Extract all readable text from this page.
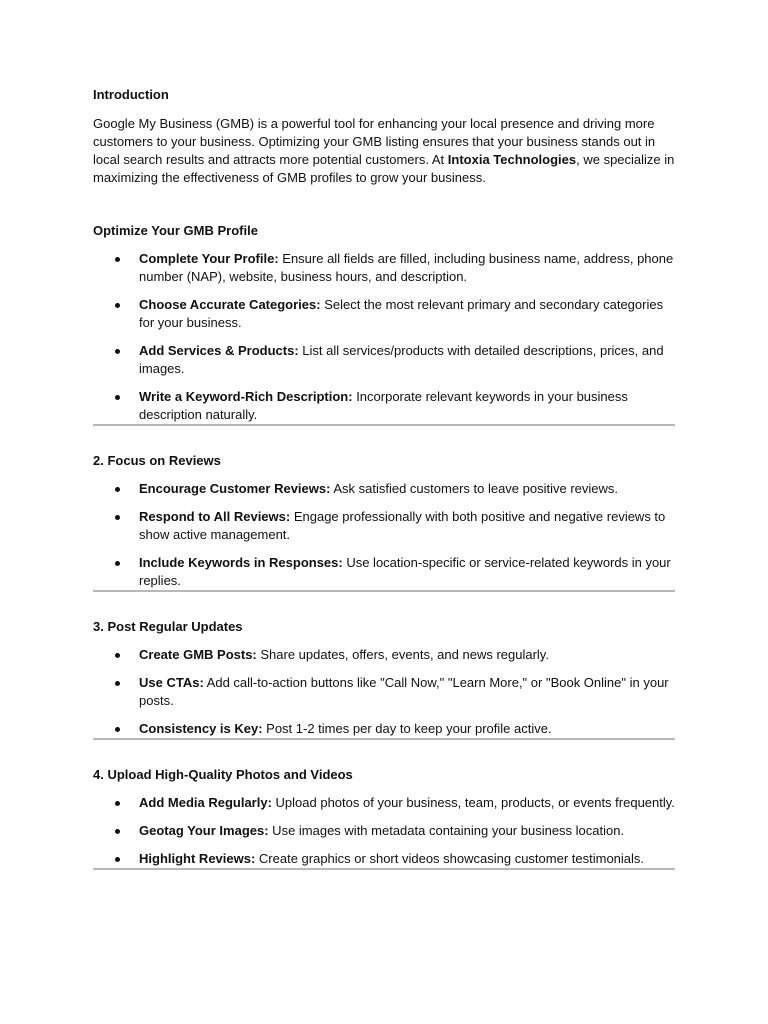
Introduction

Google My Business (GMB) is a powerful tool for enhancing your local presence and driving more customers to your business. Optimizing your GMB listing ensures that your business stands out in local search results and attracts more potential customers. At Intoxia Technologies, we specialize in maximizing the effectiveness of GMB profiles to grow your business.

Optimize Your GMB Profile

Complete Your Profile: Ensure all fields are filled, including business name, address, phone number (NAP), website, business hours, and description.
Choose Accurate Categories: Select the most relevant primary and secondary categories for your business.
Add Services & Products: List all services/products with detailed descriptions, prices, and images.
Write a Keyword-Rich Description: Incorporate relevant keywords in your business description naturally.

2. Focus on Reviews

Encourage Customer Reviews: Ask satisfied customers to leave positive reviews.
Respond to All Reviews: Engage professionally with both positive and negative reviews to show active management.
Include Keywords in Responses: Use location-specific or service-related keywords in your replies.

3. Post Regular Updates

Create GMB Posts: Share updates, offers, events, and news regularly.
Use CTAs: Add call-to-action buttons like "Call Now," "Learn More," or "Book Online" in your posts.
Consistency is Key: Post 1-2 times per day to keep your profile active.

4. Upload High-Quality Photos and Videos

Add Media Regularly: Upload photos of your business, team, products, or events frequently.
Geotag Your Images: Use images with metadata containing your business location.
Highlight Reviews: Create graphics or short videos showcasing customer testimonials.
